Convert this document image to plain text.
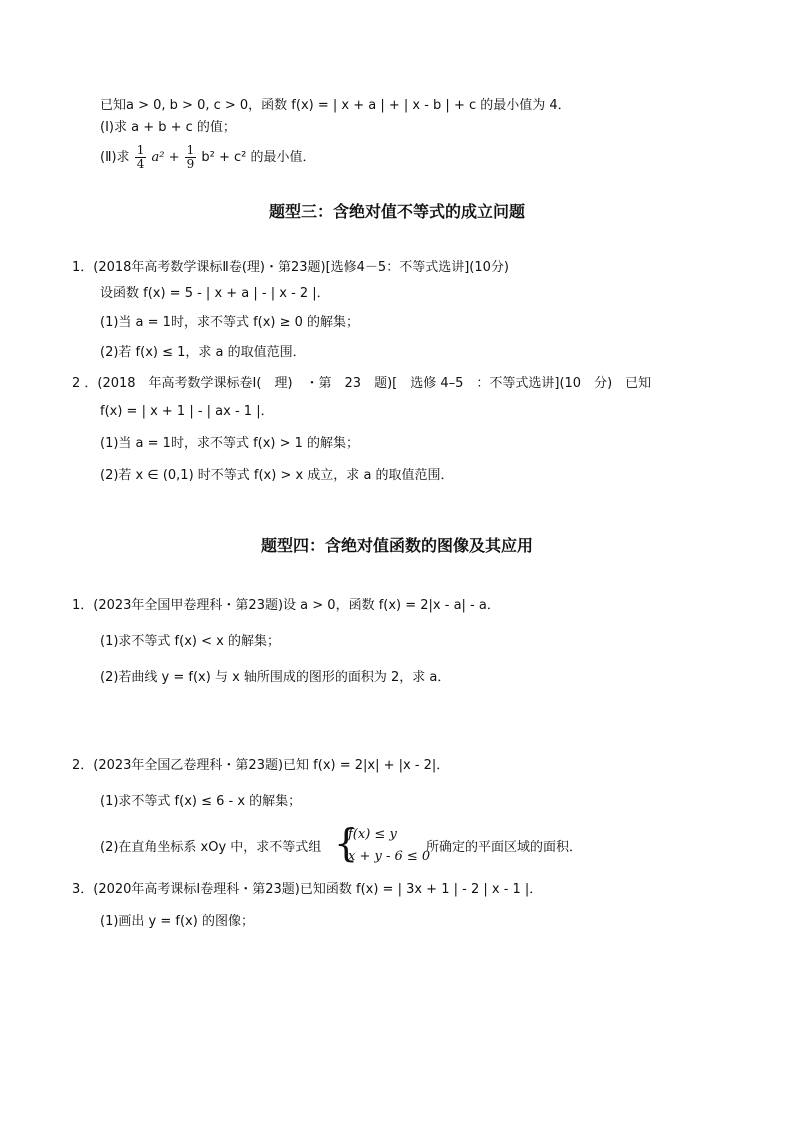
已知a > 0, b > 0, c > 0，函数 f(x) = | x + a | + | x - b | + c 的最小值为 4．
(Ⅰ)求 a + b + c 的值；
(Ⅱ)求 $\frac{1}{4} a^2 + \frac{1}{9} b^2 + c^2$ 的最小值．
题型三：含绝对值不等式的成立问题
1．(2018年高考数学课标Ⅱ卷(理)・第23题)[选修4－5：不等式选讲](10分)
设函数 f(x) = 5 - | x + a | - | x - 2 |．
(1)当 a = 1时，求不等式 f(x) ≥ 0 的解集；
(2)若 f(x) ≤ 1，求 a 的取值范围．
2 ．(2018　年高考数学课标卷Ⅰ(　理)　・第　23　题)[　选修 4–5　：不等式选讲](10　分)　已知
f(x) = | x + 1 | - | ax - 1 |．
(1)当 a = 1时，求不等式 f(x) > 1 的解集；
(2)若 x ∈ (0,1) 时不等式 f(x) > x 成立，求 a 的取值范围．
题型四：含绝对值函数的图像及其应用
1．(2023年全国甲卷理科・第23题)设 a > 0，函数 f(x) = 2|x - a| - a．
(1)求不等式 f(x) < x 的解集；
(2)若曲线 y = f(x) 与 x 轴所围成的图形的面积为 2，求 a．
2．(2023年全国乙卷理科・第23题)已知 f(x) = 2|x| + |x - 2|．
(1)求不等式 f(x) ≤ 6 - x 的解集；
(2)在直角坐标系 xOy 中，求不等式组 {
f(x) ≤ y
x + y - 6 ≤ 0
所确定的平面区域的面积．
3．(2020年高考课标Ⅰ卷理科・第23题)已知函数 f(x) = | 3x + 1 | - 2 | x - 1 |．
(1)画出 y = f(x) 的图像；
